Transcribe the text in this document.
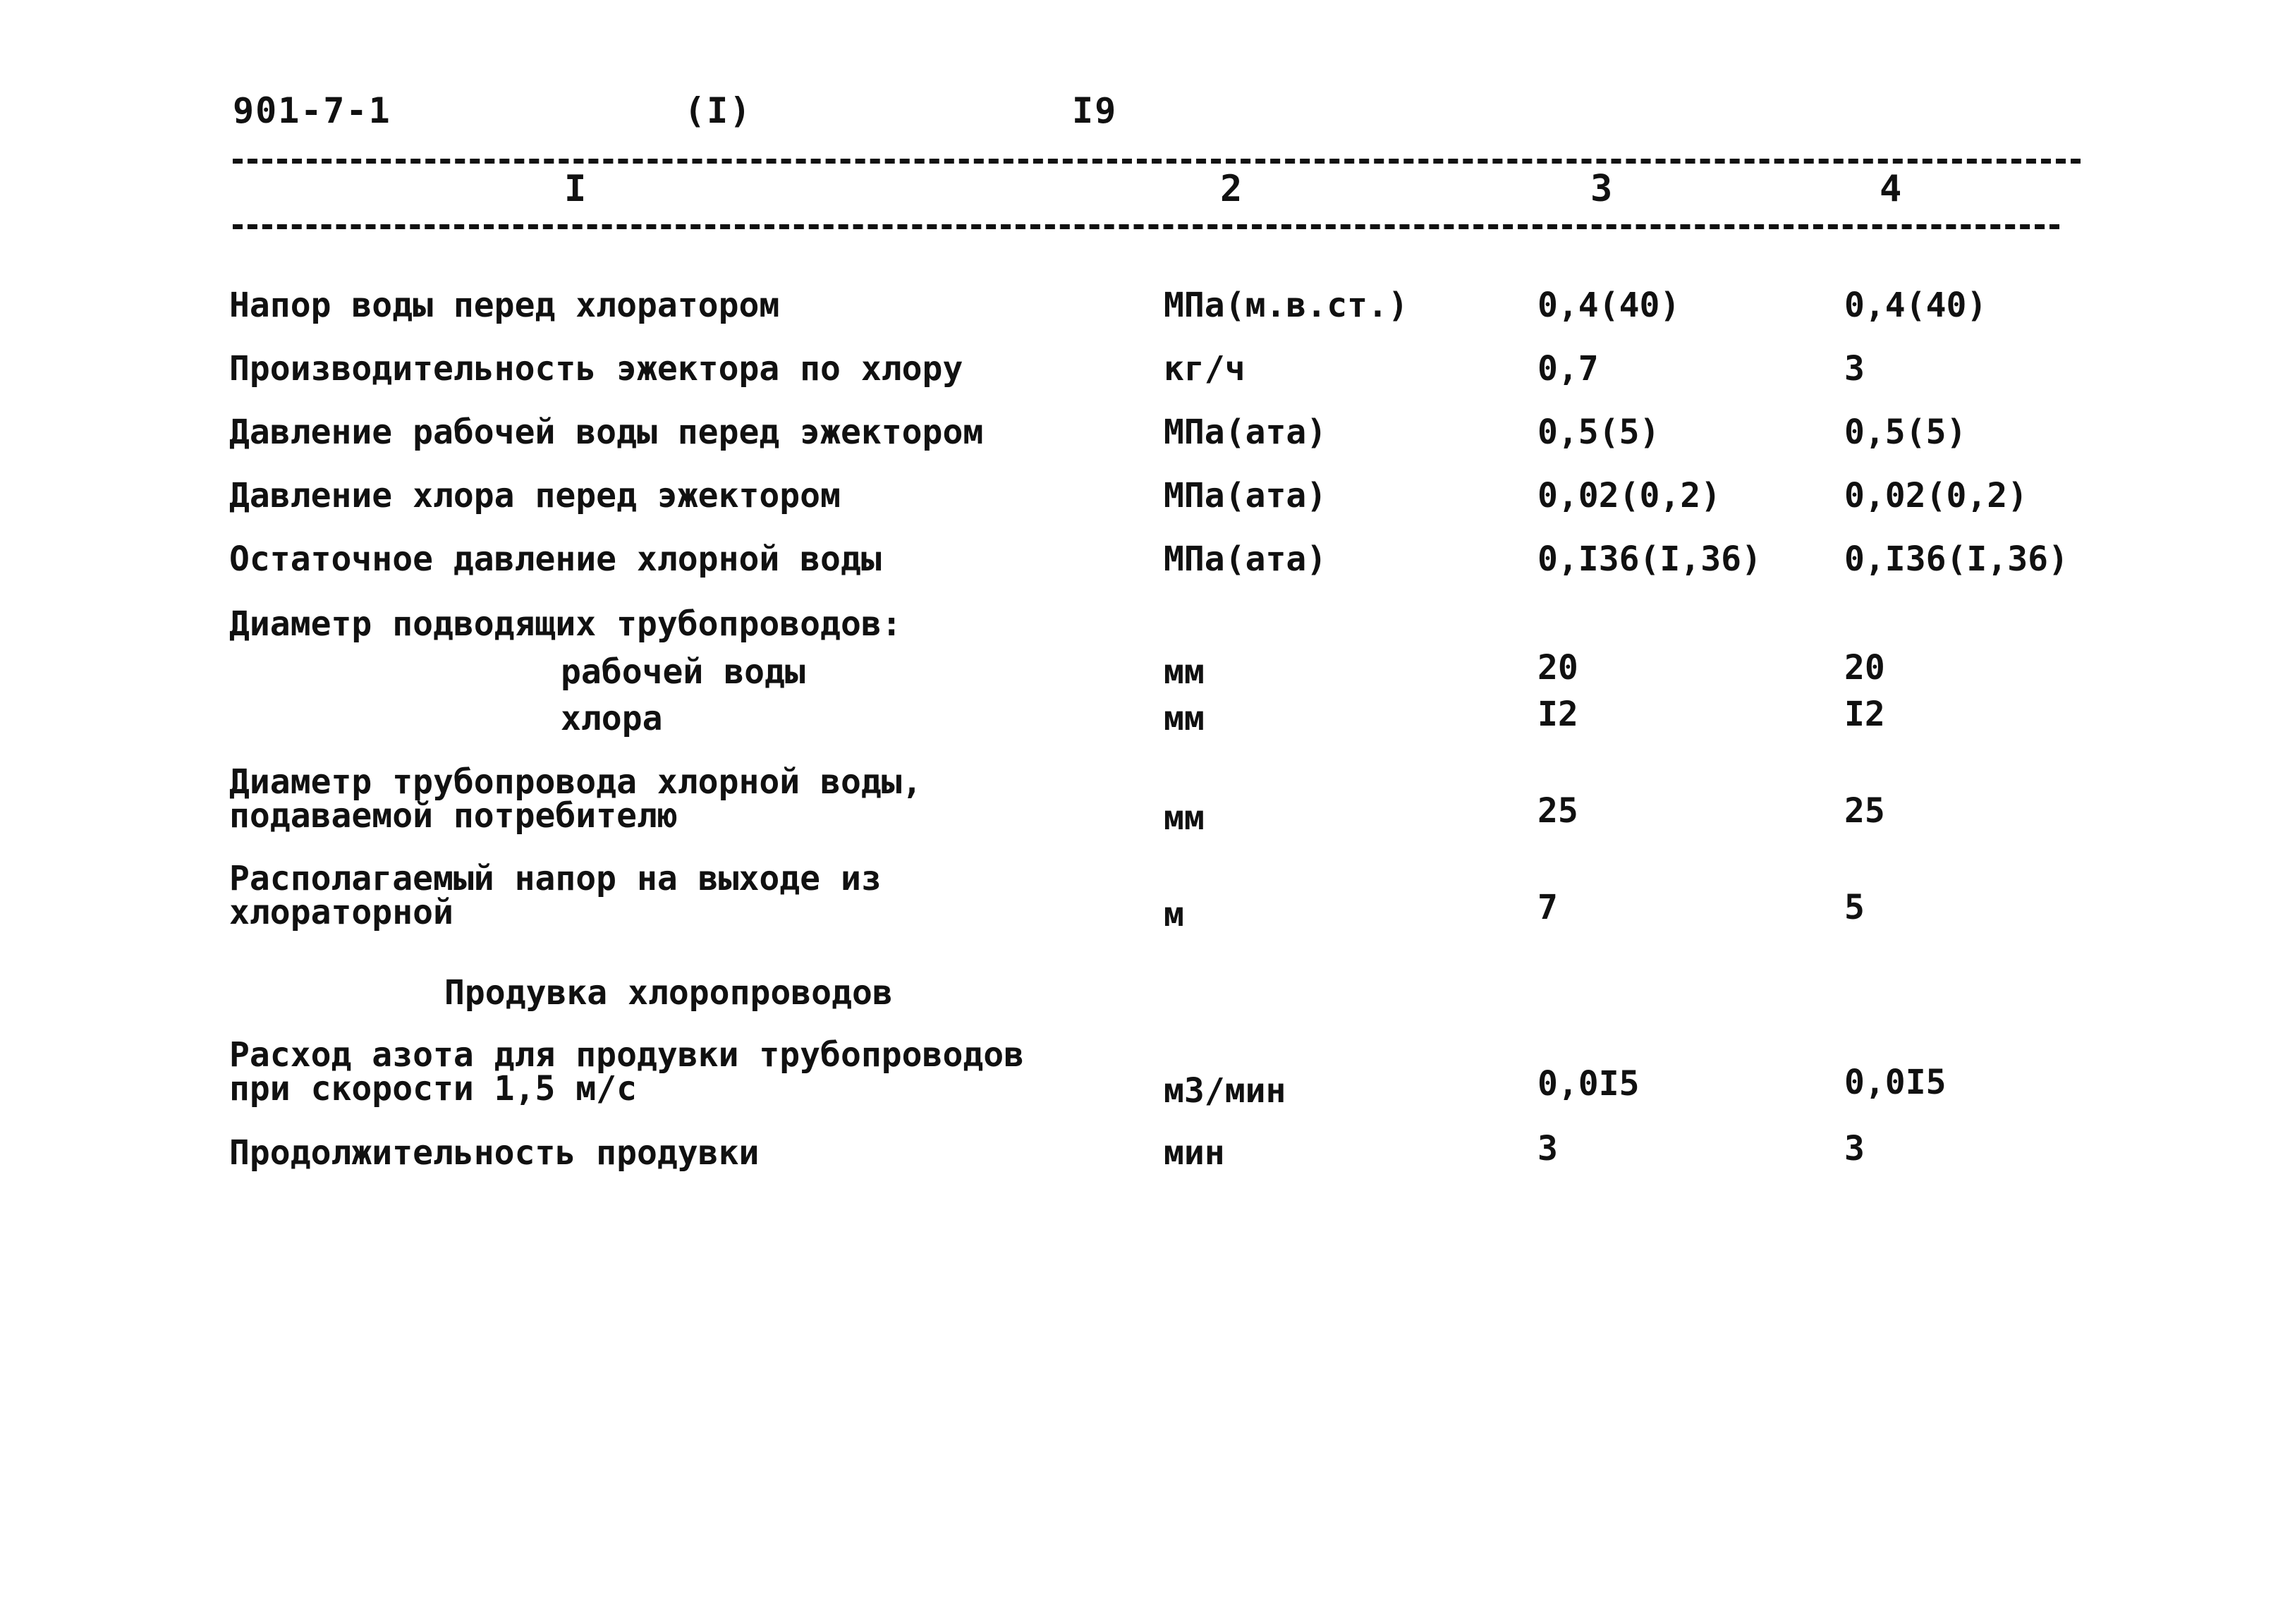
901-7-1	(I)	I9
I	2	3	4
Напор воды перед хлоратором	МПа(м.в.ст.)	0,4(40)	0,4(40)
Производительность эжектора по хлору	кг/ч	0,7	3
Давление рабочей воды перед эжектором	МПа(ата)	0,5(5)	0,5(5)
Давление хлора перед эжектором	МПа(ата)	0,02(0,2)	0,02(0,2)
Остаточное давление хлорной воды	МПа(ата)	0,I36(I,36) 0,I36(I,36)
Диаметр подводящих трубопроводов:
рабочей воды	мм	20	20
хлора	мм	I2	I2
Диаметр трубопровода хлорной воды,
подаваемой потребителю	мм	25	25
Располагаемый напор на выходе из
хлораторной	м	7	5
Продувка хлоропроводов
Расход азота для продувки трубопроводов
при скорости 1,5 м/с	м3/мин	0,0I5	0,0I5
Продолжительность продувки	мин	3	3
